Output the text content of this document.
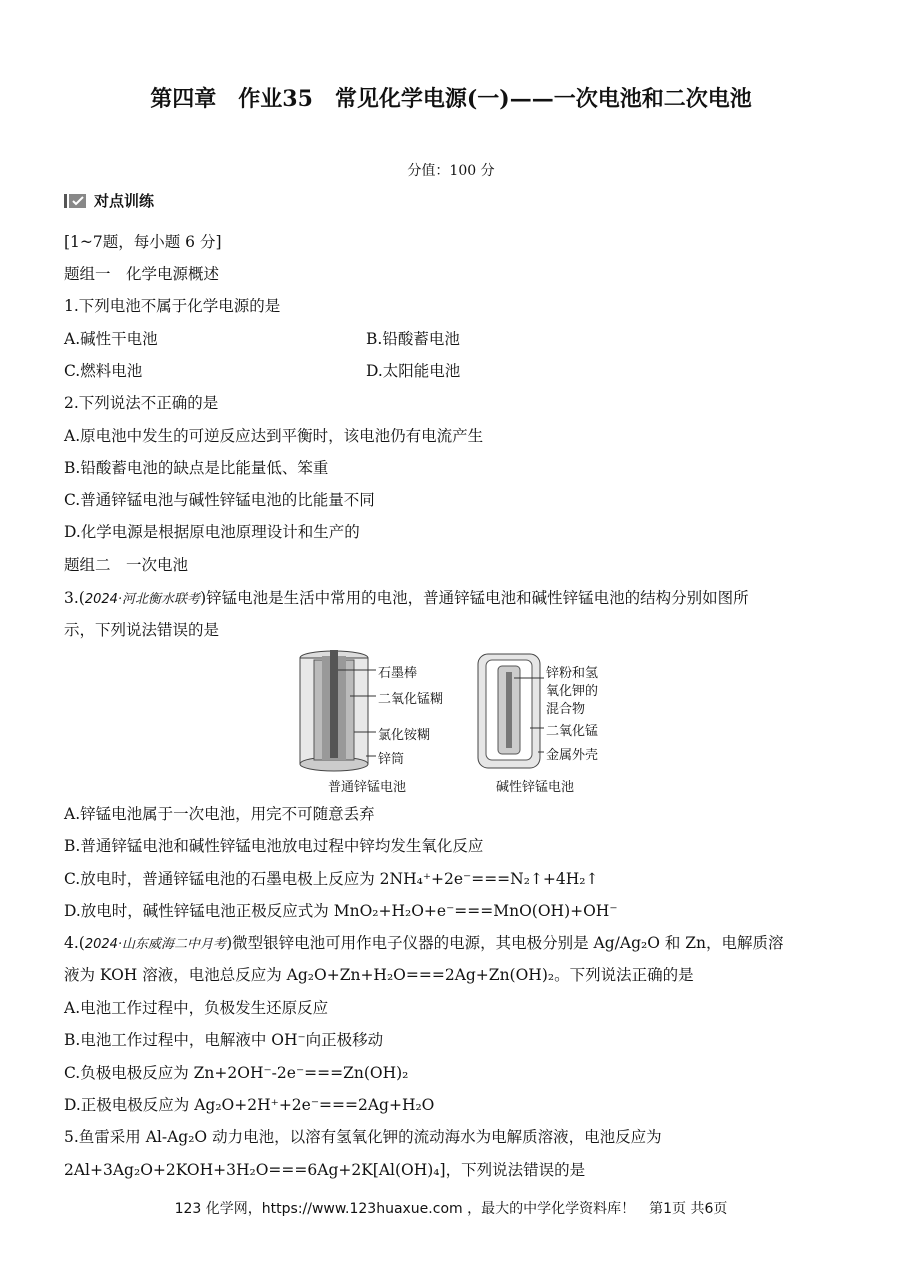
第四章　作业35　常见化学电源(一)——一次电池和二次电池
分值：100 分
对点训练
[1~7题，每小题 6 分]
题组一　化学电源概述
1.下列电池不属于化学电源的是
A.碱性干电池	B.铅酸蓄电池
C.燃料电池	D.太阳能电池
2.下列说法不正确的是
A.原电池中发生的可逆反应达到平衡时，该电池仍有电流产生
B.铅酸蓄电池的缺点是比能量低、笨重
C.普通锌锰电池与碱性锌锰电池的比能量不同
D.化学电源是根据原电池原理设计和生产的
题组二　一次电池
3.(2024·河北衡水联考)锌锰电池是生活中常用的电池，普通锌锰电池和碱性锌锰电池的结构分别如图所
示，下列说法错误的是
石墨棒
二氧化锰糊
氯化铵糊
锌筒
普通锌锰电池
锌粉和氢
氧化钾的
混合物
二氧化锰
金属外壳
碱性锌锰电池
A.锌锰电池属于一次电池，用完不可随意丢弃
B.普通锌锰电池和碱性锌锰电池放电过程中锌均发生氧化反应
C.放电时，普通锌锰电池的石墨电极上反应为 2NH₄⁺+2e⁻===N₂↑+4H₂↑
D.放电时，碱性锌锰电池正极反应式为 MnO₂+H₂O+e⁻===MnO(OH)+OH⁻
4.(2024·山东威海二中月考)微型银锌电池可用作电子仪器的电源，其电极分别是 Ag/Ag₂O 和 Zn，电解质溶
液为 KOH 溶液，电池总反应为 Ag₂O+Zn+H₂O===2Ag+Zn(OH)₂。下列说法正确的是
A.电池工作过程中，负极发生还原反应
B.电池工作过程中，电解液中 OH⁻向正极移动
C.负极电极反应为 Zn+2OH⁻-2e⁻===Zn(OH)₂
D.正极电极反应为 Ag₂O+2H⁺+2e⁻===2Ag+H₂O
5.鱼雷采用 Al-Ag₂O 动力电池，以溶有氢氧化钾的流动海水为电解质溶液，电池反应为
2Al+3Ag₂O+2KOH+3H₂O===6Ag+2K[Al(OH)₄]，下列说法错误的是
123 化学网，https://www.123huaxue.com ，最大的中学化学资料库！　第1页 共6页
